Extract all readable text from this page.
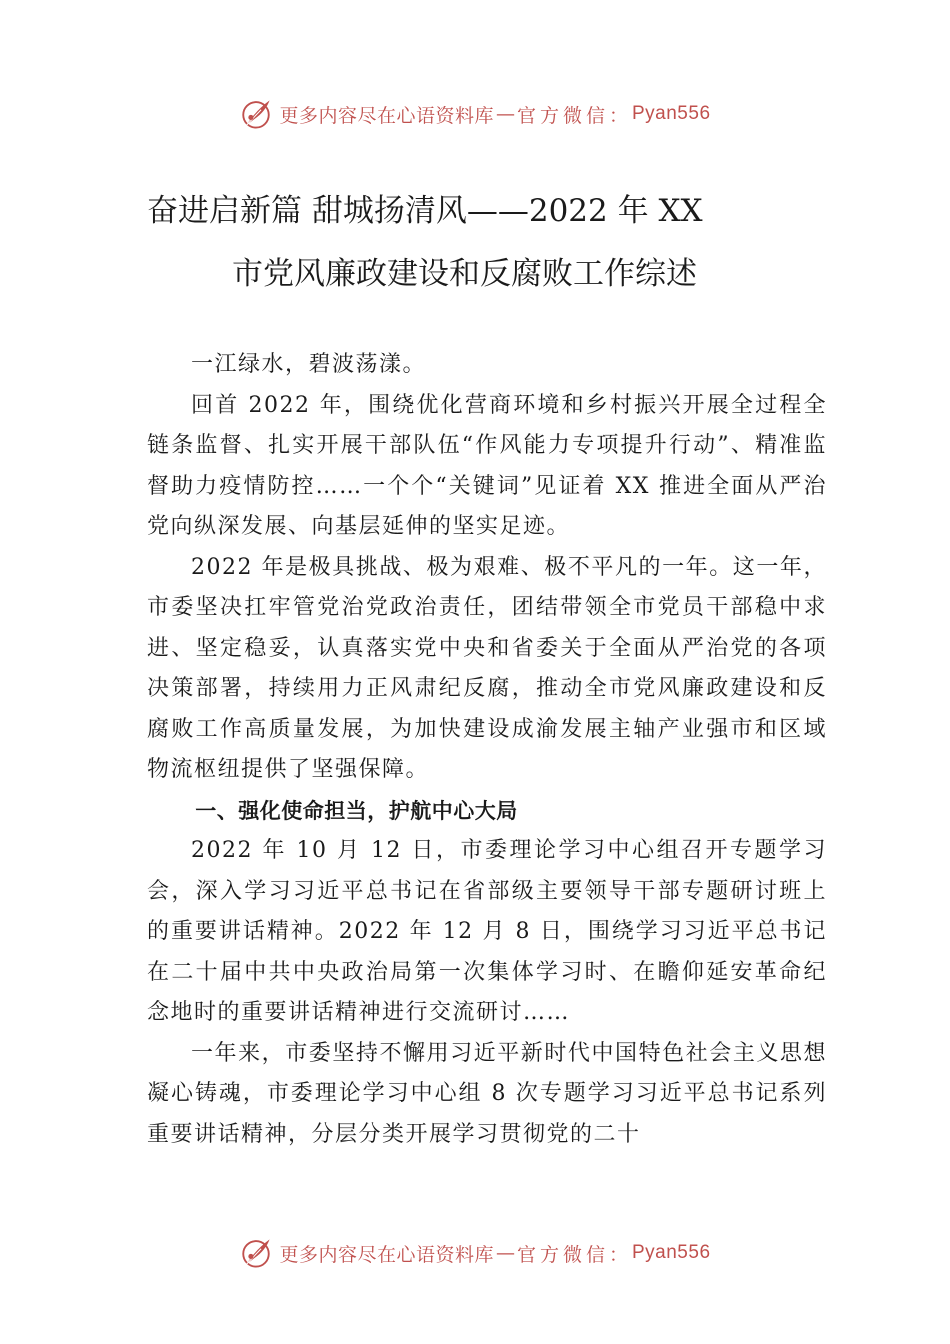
更多内容尽在心语资料库 — 官方微信： Pyan556
奋进启新篇 甜城扬清风——2022 年 XX
市党风廉政建设和反腐败工作综述

一江绿水，碧波荡漾。

回首 2022 年，围绕优化营商环境和乡村振兴开展全过程全链条监督、扎实开展干部队伍“作风能力专项提升行动”、精准监督助力疫情防控……一个个“关键词”见证着 XX 推进全面从严治党向纵深发展、向基层延伸的坚实足迹。

2022 年是极具挑战、极为艰难、极不平凡的一年。这一年，市委坚决扛牢管党治党政治责任，团结带领全市党员干部稳中求进、坚定稳妥，认真落实党中央和省委关于全面从严治党的各项决策部署，持续用力正风肃纪反腐，推动全市党风廉政建设和反腐败工作高质量发展，为加快建设成渝发展主轴产业强市和区域物流枢纽提供了坚强保障。

一、强化使命担当，护航中心大局

2022 年 10 月 12 日，市委理论学习中心组召开专题学习会，深入学习习近平总书记在省部级主要领导干部专题研讨班上的重要讲话精神。2022 年 12 月 8 日，围绕学习习近平总书记在二十届中共中央政治局第一次集体学习时、在瞻仰延安革命纪念地时的重要讲话精神进行交流研讨……

一年来，市委坚持不懈用习近平新时代中国特色社会主义思想凝心铸魂，市委理论学习中心组 8 次专题学习习近平总书记系列重要讲话精神，分层分类开展学习贯彻党的二十

更多内容尽在心语资料库 — 官方微信： Pyan556
